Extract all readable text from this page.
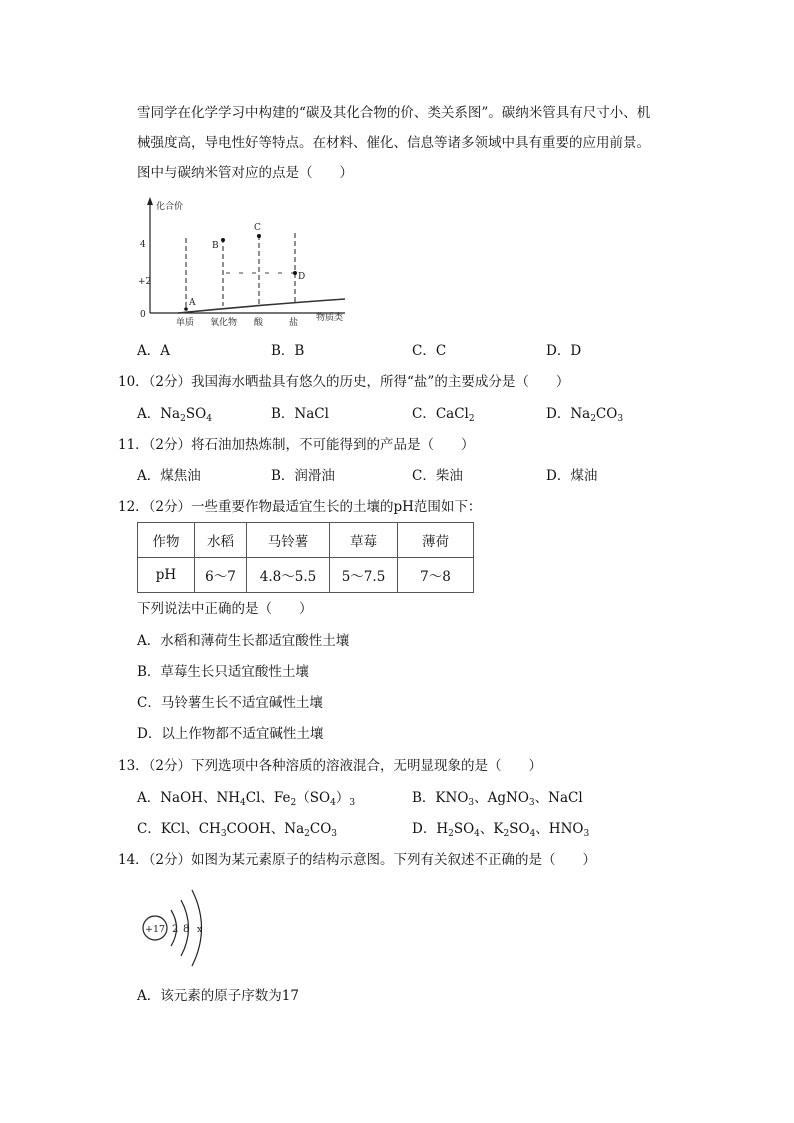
雪同学在化学学习中构建的“碳及其化合物的价、类关系图”。碳纳米管具有尺寸小、机
械强度高，导电性好等特点。在材料、催化、信息等诸多领域中具有重要的应用前景。
图中与碳纳米管对应的点是（　　）
化合价
物质类
4
+2
0
A
B
C
D
单质 氧化物 酸	盐
A．A	B．B	C．C	D．D
10．（2分）我国海水晒盐具有悠久的历史，所得“盐”的主要成分是（　　）
A．$Na_2SO_4$	B．NaCl	C．CaCl$_2$	D．$Na_2CO_3$
11．（2分）将石油加热炼制，不可能得到的产品是（　　）
A．煤焦油	B．润滑油	C．柴油	D．煤油
12．（2分）一些重要作物最适宜生长的土壤的pH范围如下：
作物	水稻	马铃薯	草莓	薄荷
pH	6～7	4.8～5.5	5～7.5	7～8
下列说法中正确的是（　　）
A．水稻和薄荷生长都适宜酸性土壤
B．草莓生长只适宜酸性土壤
C．马铃薯生长不适宜碱性土壤
D．以上作物都不适宜碱性土壤
13．（2分）下列选项中各种溶质的溶液混合，无明显现象的是（　　）
A．NaOH、$NH_4Cl$、$Fe_2(SO_4)_3$	B．$KNO_3$、AgNO$_3$、NaCl
C．KCl、$CH_3COOH$、$Na_2CO_3$	D．$H_2SO_4$、$K_2SO_4$、$HNO_3$
14．（2分）如图为某元素原子的结构示意图。下列有关叙述不正确的是（　　）
+17 2 8 x
A．该元素的原子序数为17
